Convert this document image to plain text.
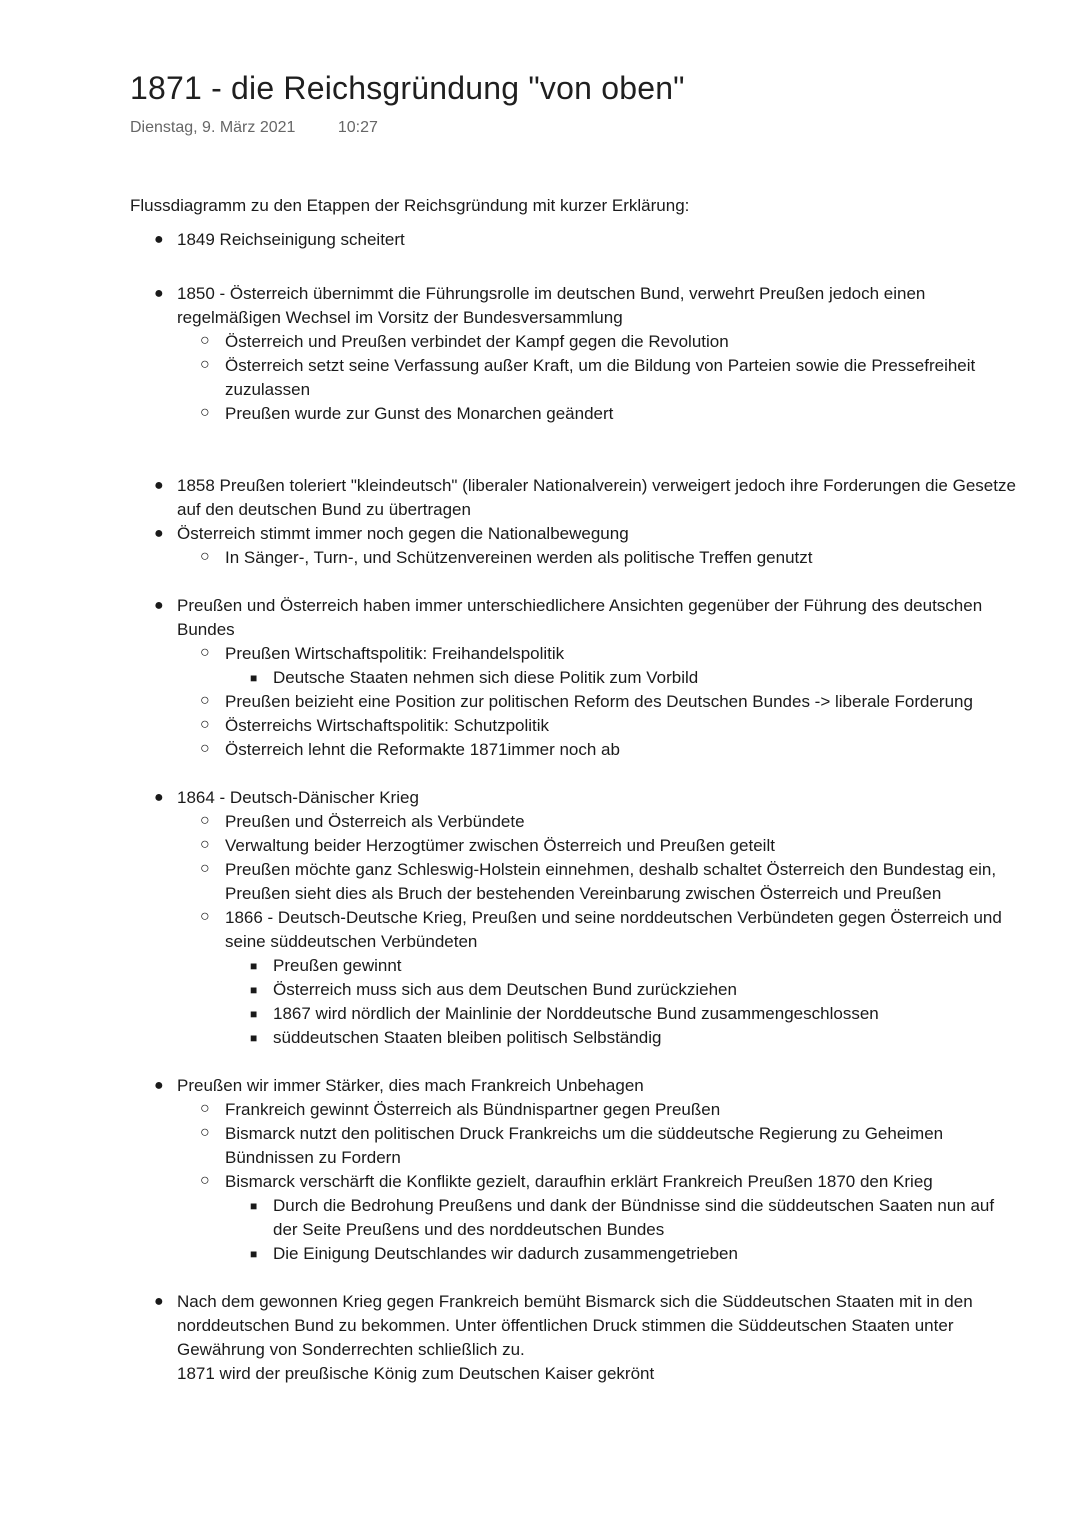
1871 - die Reichsgründung "von oben"
Dienstag, 9. März 2021	10:27
Flussdiagramm zu den Etappen der Reichsgründung mit kurzer Erklärung:
● 1849 Reichseinigung scheitert
● 1850 - Österreich übernimmt die Führungsrolle im deutschen Bund, verwehrt Preußen jedoch einen regelmäßigen Wechsel im Vorsitz der Bundesversammlung
○ Österreich und Preußen verbindet der Kampf gegen die Revolution
○ Österreich setzt seine Verfassung außer Kraft, um die Bildung von Parteien sowie die Pressefreiheit zuzulassen
○ Preußen wurde zur Gunst des Monarchen geändert
● 1858 Preußen toleriert "kleindeutsch" (liberaler Nationalverein) verweigert jedoch ihre Forderungen die Gesetze auf den deutschen Bund zu übertragen
● Österreich stimmt immer noch gegen die Nationalbewegung
○ In Sänger-, Turn-, und Schützenvereinen werden als politische Treffen genutzt
● Preußen und Österreich haben immer unterschiedlichere Ansichten gegenüber der Führung des deutschen Bundes
○ Preußen Wirtschaftspolitik: Freihandelspolitik
■ Deutsche Staaten nehmen sich diese Politik zum Vorbild
○ Preußen beizieht eine Position zur politischen Reform des Deutschen Bundes -> liberale Forderung
○ Österreichs Wirtschaftspolitik: Schutzpolitik
○ Österreich lehnt die Reformakte 1871immer noch ab
● 1864 - Deutsch-Dänischer Krieg
○ Preußen und Österreich als Verbündete
○ Verwaltung beider Herzogtümer zwischen Österreich und Preußen geteilt
○ Preußen möchte ganz Schleswig-Holstein einnehmen, deshalb schaltet Österreich den Bundestag ein, Preußen sieht dies als Bruch der bestehenden Vereinbarung zwischen Österreich und Preußen
○ 1866 - Deutsch-Deutsche Krieg, Preußen und seine norddeutschen Verbündeten gegen Österreich und seine süddeutschen Verbündeten
■ Preußen gewinnt
■ Österreich muss sich aus dem Deutschen Bund zurückziehen
■ 1867 wird nördlich der Mainlinie der Norddeutsche Bund zusammengeschlossen
■ süddeutschen Staaten bleiben politisch Selbständig
● Preußen wir immer Stärker, dies mach Frankreich Unbehagen
○ Frankreich gewinnt Österreich als Bündnispartner gegen Preußen
○ Bismarck nutzt den politischen Druck Frankreichs um die süddeutsche Regierung zu Geheimen Bündnissen zu Fordern
○ Bismarck verschärft die Konflikte gezielt, daraufhin erklärt Frankreich Preußen 1870 den Krieg
■ Durch die Bedrohung Preußens und dank der Bündnisse sind die süddeutschen Saaten nun auf der Seite Preußens und des norddeutschen Bundes
■ Die Einigung Deutschlandes wir dadurch zusammengetrieben
● Nach dem gewonnen Krieg gegen Frankreich bemüht Bismarck sich die Süddeutschen Staaten mit in den norddeutschen Bund zu bekommen. Unter öffentlichen Druck stimmen die Süddeutschen Staaten unter Gewährung von Sonderrechten schließlich zu.
1871 wird der preußische König zum Deutschen Kaiser gekrönt
